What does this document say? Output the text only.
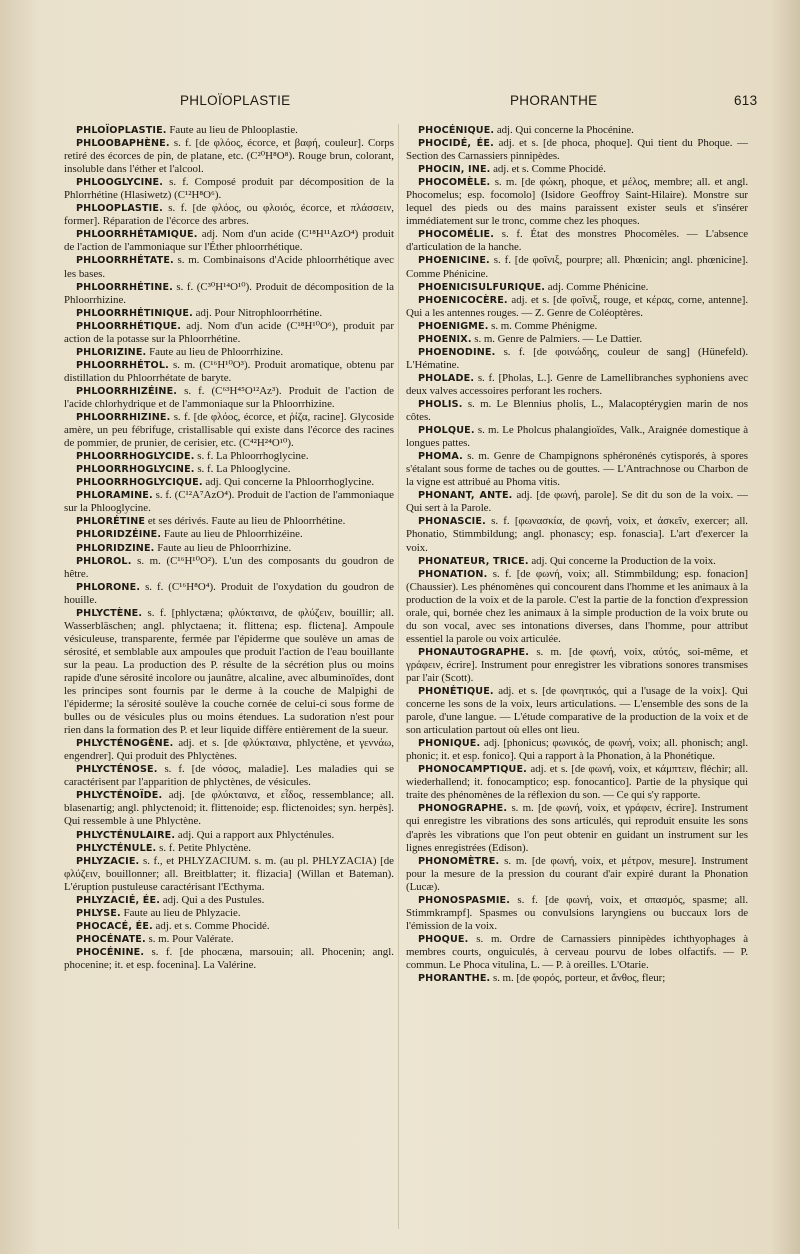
PHLOÏOPLASTIE	PHORANTHE	613

PHLOÏOPLASTIE. Faute au lieu de Phlooplastie.

PHLOOBAPHÈNE. s. f. [de φλόος, écorce, et βαφή, couleur]. Corps retiré des écorces de pin, de platane, etc. (C²⁰H⁸O⁸). Rouge brun, colorant, insoluble dans l'éther et l'alcool.

PHLOOGLYCINE. s. f. Composé produit par décomposition de la Phlorrhétine (Hlasiwetz) (C¹²H⁸O⁶).

PHLOOPLASTIE. s. f. [de φλόος, ou φλοιός, écorce, et πλάσσειν, former]. Réparation de l'écorce des arbres.

PHLOORRHÉTAMIQUE. adj. Nom d'un acide (C¹⁸H¹¹AzO⁴) produit de l'action de l'ammoniaque sur l'Éther phloorrhétique.

PHLOORRHÉTATE. s. m. Combinaisons d'Acide phloorrhétique avec les bases.

PHLOORRHÉTINE. s. f. (C³⁰H¹⁴O¹⁰). Produit de décomposition de la Phloorrhizine.

PHLOORRHÉTINIQUE. adj. Pour Nitrophloorrhétine.

PHLOORRHÉTIQUE. adj. Nom d'un acide (C¹⁸H¹⁰O⁶), produit par action de la potasse sur la Phloorrhétine.

PHLORIZINE. Faute au lieu de Phloorrhizine.

PHLOORRHÉTOL. s. m. (C¹⁶H¹⁰O³). Produit aromatique, obtenu par distillation du Phloorrhétate de baryte.

PHLOORRHIZÉINE. s. f. (C⁶³H⁴⁵O¹²Az³). Produit de l'action de l'acide chlorhydrique et de l'ammoniaque sur la Phloorrhizine.

PHLOORRHIZINE. s. f. [de φλόος, écorce, et ῥίζα, racine]. Glycoside amère, un peu fébrifuge, cristallisable qui existe dans l'écorce des racines de pommier, de prunier, de cerisier, etc. (C⁴²H²⁴O¹⁰).

PHLOORRHOGLYCIDE. s. f. La Phloorrhoglycine.

PHLOORRHOGLYCINE. s. f. La Phlooglycine.

PHLOORRHOGLYCIQUE. adj. Qui concerne la Phloorrhoglycine.

PHLORAMINE. s. f. (C¹²A⁷AzO⁴). Produit de l'action de l'ammoniaque sur la Phlooglycine.

PHLORÉTINE et ses dérivés. Faute au lieu de Phloorrhétine.

PHLORIDZÉINE. Faute au lieu de Phloorrhizéine.

PHLORIDZINE. Faute au lieu de Phloorrhizine.

PHLOROL. s. m. (C¹⁶H¹⁰O²). L'un des composants du goudron de hêtre.

PHLORONE. s. f. (C¹⁶H⁸O⁴). Produit de l'oxydation du goudron de houille.

PHLYCTÈNE. s. f. [phlyctæna; φλύκταινα, de φλύζειν, bouillir; all. Wasserbläschen; angl. phlyctaena; it. flittena; esp. flictena]. Ampoule vésiculeuse, transparente, fermée par l'épiderme que soulève un amas de sérosité, et semblable aux ampoules que produit l'action de l'eau bouillante sur la peau. La production des P. résulte de la sécrétion plus ou moins rapide d'une sérosité incolore ou jaunâtre, alcaline, avec albuminoïdes, dont les principes sont fournis par le derme à la couche de Malpighi de l'épiderme; la sérosité soulève la couche cornée de celui-ci sous forme de bulles ou de vésicules plus ou moins étendues. La sudoration n'est pour rien dans la formation des P. et leur liquide diffère entièrement de la sueur.

PHLYCTÉNOGÈNE. adj. et s. [de φλύκταινα, phlyctène, et γεννάω, engendrer]. Qui produit des Phlyctènes.

PHLYCTÉNOSE. s. f. [de νόσος, maladie]. Les maladies qui se caractérisent par l'apparition de phlyctènes, de vésicules.

PHLYCTÉNOÏDE. adj. [de φλύκταινα, et εἶδος, ressemblance; all. blasenartig; angl. phlyctenoid; it. flittenoide; esp. flictenoides; syn. herpès]. Qui ressemble à une Phlyctène.

PHLYCTÉNULAIRE. adj. Qui a rapport aux Phlycténules.

PHLYCTÉNULE. s. f. Petite Phlyctène.

PHLYZACIE. s. f., et PHLYZACIUM. s. m. (au pl. PHLYZACIA) [de φλύζειν, bouillonner; all. Breitblatter; it. flizacia] (Willan et Bateman). L'éruption pustuleuse caractérisant l'Ecthyma.

PHLYZACIÉ, ÉE. adj. Qui a des Pustules.

PHLYSE. Faute au lieu de Phlyzacie.

PHOCACÉ, ÉE. adj. et s. Comme Phocidé.

PHOCÉNATE. s. m. Pour Valérate.

PHOCÉNINE. s. f. [de phocæna, marsouin; all. Phocenin; angl. phocenine; it. et esp. focenina]. La Valérine.

PHOCÉNIQUE. adj. Qui concerne la Phocénine.

PHOCIDÉ, ÉE. adj. et s. [de phoca, phoque]. Qui tient du Phoque. — Section des Carnassiers pinnipèdes.

PHOCIN, INE. adj. et s. Comme Phocidé.

PHOCOMÈLE. s. m. [de φώκη, phoque, et μέλος, membre; all. et angl. Phocomelus; esp. focomolo] (Isidore Geoffroy Saint-Hilaire). Monstre sur lequel des pieds ou des mains paraissent exister seuls et s'insérer immédiatement sur le tronc, comme chez les phoques.

PHOCOMÉLIE. s. f. État des monstres Phocomèles. — L'absence d'articulation de la hanche.

PHOENICINE. s. f. [de φοῖνιξ, pourpre; all. Phœnicin; angl. phœnicine]. Comme Phénicine.

PHOENICISULFURIQUE. adj. Comme Phénicine.

PHOENICOCÈRE. adj. et s. [de φοῖνιξ, rouge, et κέρας, corne, antenne]. Qui a les antennes rouges. — Z. Genre de Coléoptères.

PHOENIGME. s. m. Comme Phénigme.

PHOENIX. s. m. Genre de Palmiers. — Le Dattier.

PHOENODINE. s. f. [de φοινώδης, couleur de sang] (Hünefeld). L'Hématine.

PHOLADE. s. f. [Pholas, L.]. Genre de Lamellibranches syphoniens avec deux valves accessoires perforant les rochers.

PHOLIS. s. m. Le Blennius pholis, L., Malacoptérygien marin de nos côtes.

PHOLQUE. s. m. Le Pholcus phalangioïdes, Valk., Araignée domestique à longues pattes.

PHOMA. s. m. Genre de Champignons sphéronénés cytisporés, à spores s'étalant sous forme de taches ou de gouttes. — L'Antrachnose ou Charbon de la vigne est attribué au Phoma vitis.

PHONANT, ANTE. adj. [de φωνή, parole]. Se dit du son de la voix. — Qui sert à la Parole.

PHONASCIE. s. f. [φωνασκία, de φωνή, voix, et ἀσκεῖν, exercer; all. Phonatio, Stimmbildung; angl. phonascy; esp. fonascia]. L'art d'exercer la voix.

PHONATEUR, TRICE. adj. Qui concerne la Production de la voix.

PHONATION. s. f. [de φωνή, voix; all. Stimmbildung; esp. fonacion] (Chaussier). Les phénomènes qui concourent dans l'homme et les animaux à la production de la voix et de la parole. C'est la partie de la fonction d'expression orale, qui, bornée chez les animaux à la simple production de la voix brute ou du son vocal, avec ses intonations diverses, dans l'homme, pour attribut essentiel la parole ou voix articulée.

PHONAUTOGRAPHE. s. m. [de φωνή, voix, αὐτός, soi-même, et γράφειν, écrire]. Instrument pour enregistrer les vibrations sonores transmises par l'air (Scott).

PHONÉTIQUE. adj. et s. [de φωνητικός, qui a l'usage de la voix]. Qui concerne les sons de la voix, leurs articulations. — L'ensemble des sons de la parole, d'une langue. — L'étude comparative de la production de la voix et de son articulation partout où elles ont lieu.

PHONIQUE. adj. [phonicus; φωνικός, de φωνή, voix; all. phonisch; angl. phonic; it. et esp. fonico]. Qui a rapport à la Phonation, à la Phonétique.

PHONOCAMPTIQUE. adj. et s. [de φωνή, voix, et κάμπτειν, fléchir; all. wiederhallend; it. fonocamptico; esp. fonocantico]. Partie de la physique qui traite des phénomènes de la réflexion du son. — Ce qui s'y rapporte.

PHONOGRAPHE. s. m. [de φωνή, voix, et γράφειν, écrire]. Instrument qui enregistre les vibrations des sons articulés, qui reproduit ensuite les sons d'après les vibrations que l'on peut obtenir en guidant un instrument sur les lignes enregistrées (Edison).

PHONOMÈTRE. s. m. [de φωνή, voix, et μέτρον, mesure]. Instrument pour la mesure de la pression du courant d'air expiré durant la Phonation (Lucæ).

PHONOSPASMIE. s. f. [de φωνή, voix, et σπασμός, spasme; all. Stimmkrampf]. Spasmes ou convulsions laryngiens ou buccaux lors de l'émission de la voix.

PHOQUE. s. m. Ordre de Carnassiers pinnipèdes ichthyophages à membres courts, onguiculés, à cerveau pourvu de lobes olfactifs. — P. commun. Le Phoca vitulina, L. — P. à oreilles. L'Otarie.

PHORANTHE. s. m. [de φορός, porteur, et ἄνθος, fleur;
